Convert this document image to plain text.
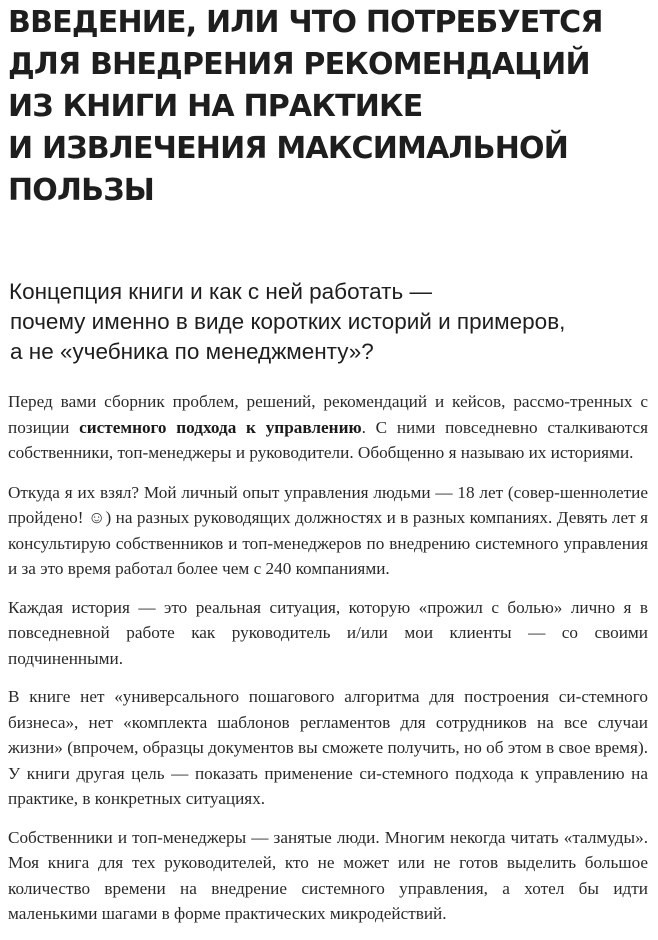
ВВЕДЕНИЕ, ИЛИ ЧТО ПОТРЕБУЕТСЯ
ДЛЯ ВНЕДРЕНИЯ РЕКОМЕНДАЦИЙ
ИЗ КНИГИ НА ПРАКТИКЕ
И ИЗВЛЕЧЕНИЯ МАКСИМАЛЬНОЙ
ПОЛЬЗЫ
Концепция книги и как с ней работать —
почему именно в виде коротких историй и примеров,
а не «учебника по менеджменту»?

Перед вами сборник проблем, решений, рекомендаций и кейсов, рассмо-тренных с позиции системного подхода к управлению. С ними повседневно сталкиваются собственники, топ-менеджеры и руководители. Обобщенно я называю их историями.

Откуда я их взял? Мой личный опыт управления людьми — 18 лет (совер-шеннолетие пройдено! ☺) на разных руководящих должностях и в разных компаниях. Девять лет я консультирую собственников и топ-менеджеров по внедрению системного управления и за это время работал более чем с 240 компаниями.

Каждая история — это реальная ситуация, которую «прожил с болью» лично я в повседневной работе как руководитель и/или мои клиенты — со своими подчиненными.

В книге нет «универсального пошагового алгоритма для построения си-стемного бизнеса», нет «комплекта шаблонов регламентов для сотрудников на все случаи жизни» (впрочем, образцы документов вы сможете получить, но об этом в свое время). У книги другая цель — показать применение си-стемного подхода к управлению на практике, в конкретных ситуациях.

Собственники и топ-менеджеры — занятые люди. Многим некогда читать «талмуды». Моя книга для тех руководителей, кто не может или не готов выделить большое количество времени на внедрение системного управления, а хотел бы идти маленькими шагами в форме практических микродействий.
